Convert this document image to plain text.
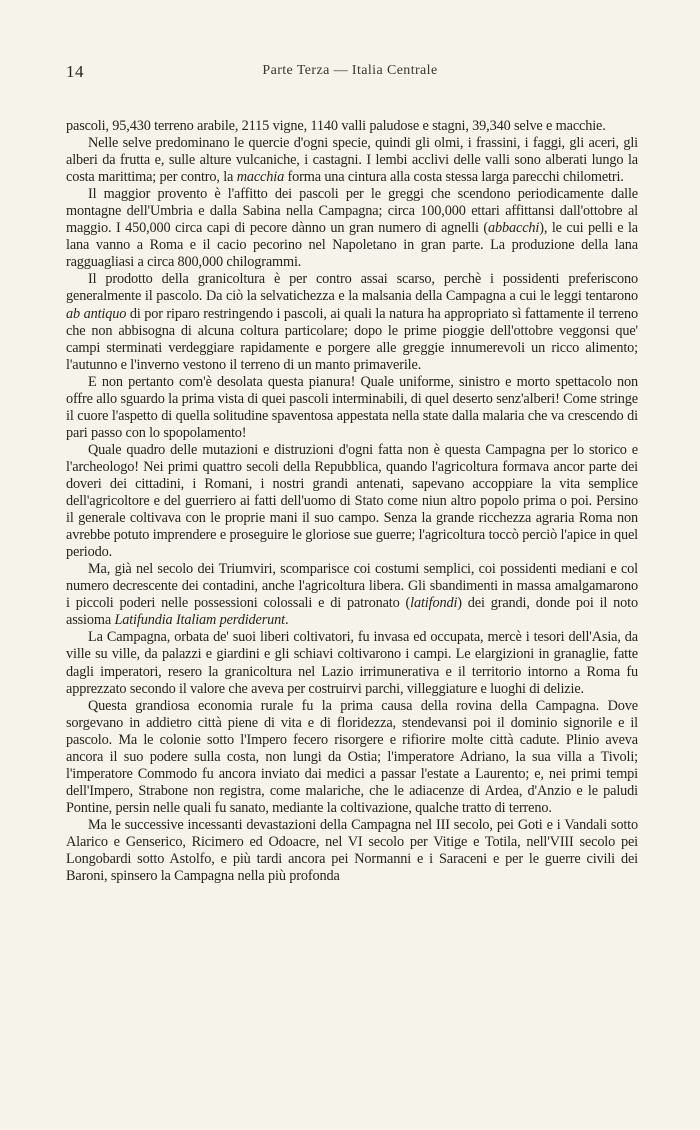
14	Parte Terza — Italia Centrale

pascoli, 95,430 terreno arabile, 2115 vigne, 1140 valli paludose e stagni, 39,340 selve e macchie.

Nelle selve predominano le quercie d'ogni specie, quindi gli olmi, i frassini, i faggi, gli aceri, gli alberi da frutta e, sulle alture vulcaniche, i castagni. I lembi acclivi delle valli sono alberati lungo la costa marittima; per contro, la macchia forma una cintura alla costa stessa larga parecchi chilometri.

Il maggior provento è l'affitto dei pascoli per le greggi che scendono periodicamente dalle montagne dell'Umbria e dalla Sabina nella Campagna; circa 100,000 ettari affittansi dall'ottobre al maggio. I 450,000 circa capi di pecore dànno un gran numero di agnelli (abbacchi), le cui pelli e la lana vanno a Roma e il cacio pecorino nel Napoletano in gran parte. La produzione della lana ragguagliasi a circa 800,000 chilogrammi.

Il prodotto della granicoltura è per contro assai scarso, perchè i possidenti preferiscono generalmente il pascolo. Da ciò la selvatichezza e la malsania della Campagna a cui le leggi tentarono ab antiquo di por riparo restringendo i pascoli, ai quali la natura ha appropriato sì fattamente il terreno che non abbisogna di alcuna coltura particolare; dopo le prime pioggie dell'ottobre veggonsi que' campi sterminati verdeggiare rapidamente e porgere alle greggie innumerevoli un ricco alimento; l'autunno e l'inverno vestono il terreno di un manto primaverile.

E non pertanto com'è desolata questa pianura! Quale uniforme, sinistro e morto spettacolo non offre allo sguardo la prima vista di quei pascoli interminabili, di quel deserto senz'alberi! Come stringe il cuore l'aspetto di quella solitudine spaventosa appestata nella state dalla malaria che va crescendo di pari passo con lo spopolamento!

Quale quadro delle mutazioni e distruzioni d'ogni fatta non è questa Campagna per lo storico e l'archeologo! Nei primi quattro secoli della Repubblica, quando l'agricoltura formava ancor parte dei doveri dei cittadini, i Romani, i nostri grandi antenati, sapevano accoppiare la vita semplice dell'agricoltore e del guerriero ai fatti dell'uomo di Stato come niun altro popolo prima o poi. Persino il generale coltivava con le proprie mani il suo campo. Senza la grande ricchezza agraria Roma non avrebbe potuto imprendere e proseguire le gloriose sue guerre; l'agricoltura toccò perciò l'apice in quel periodo.

Ma, già nel secolo dei Triumviri, scomparisce coi costumi semplici, coi possidenti mediani e col numero decrescente dei contadini, anche l'agricoltura libera. Gli sbandimenti in massa amalgamarono i piccoli poderi nelle possessioni colossali e di patronato (latifondi) dei grandi, donde poi il noto assioma Latifundia Italiam perdiderunt.

La Campagna, orbata de' suoi liberi coltivatori, fu invasa ed occupata, mercè i tesori dell'Asia, da ville su ville, da palazzi e giardini e gli schiavi coltivarono i campi. Le elargizioni in granaglie, fatte dagli imperatori, resero la granicoltura nel Lazio irrimunerativa e il territorio intorno a Roma fu apprezzato secondo il valore che aveva per costruirvi parchi, villeggiature e luoghi di delizie.

Questa grandiosa economia rurale fu la prima causa della rovina della Campagna. Dove sorgevano in addietro città piene di vita e di floridezza, stendevansi poi il dominio signorile e il pascolo. Ma le colonie sotto l'Impero fecero risorgere e rifiorire molte città cadute. Plinio aveva ancora il suo podere sulla costa, non lungi da Ostia; l'imperatore Adriano, la sua villa a Tivoli; l'imperatore Commodo fu ancora inviato dai medici a passar l'estate a Laurento; e, nei primi tempi dell'Impero, Strabone non registra, come malariche, che le adiacenze di Ardea, d'Anzio e le paludi Pontine, persin nelle quali fu sanato, mediante la coltivazione, qualche tratto di terreno.

Ma le successive incessanti devastazioni della Campagna nel III secolo, pei Goti e i Vandali sotto Alarico e Genserico, Ricimero ed Odoacre, nel VI secolo per Vitige e Totila, nell'VIII secolo pei Longobardi sotto Astolfo, e più tardi ancora pei Normanni e i Saraceni e per le guerre civili dei Baroni, spinsero la Campagna nella più profonda
